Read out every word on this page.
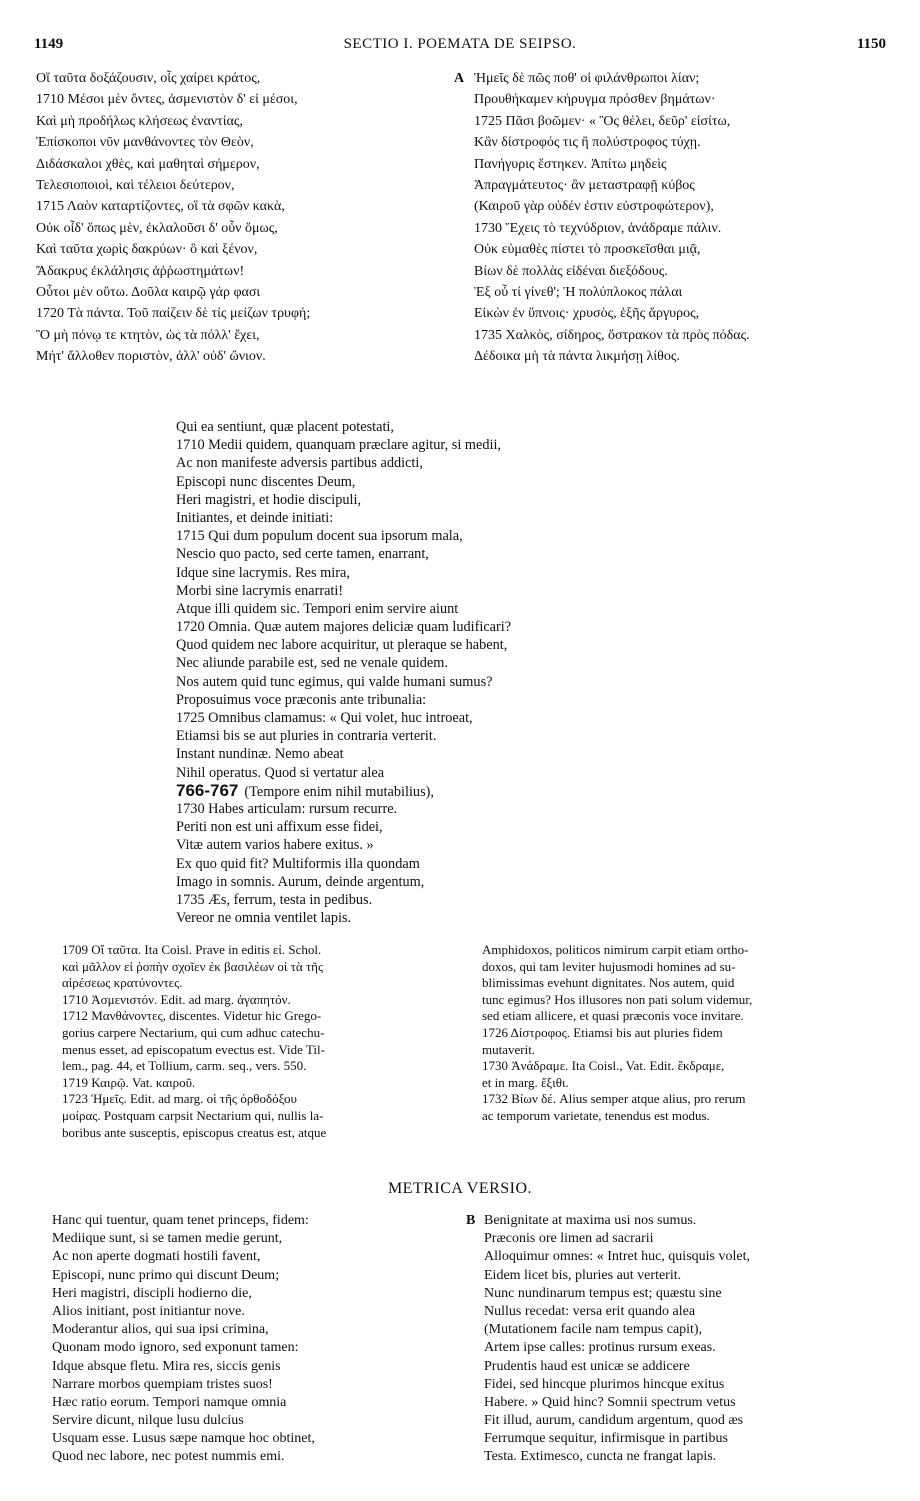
1149	SECTIO I. POEMATA DE SEIPSO.	1150
Οἵ ταῦτα δοξάζουσιν, οἷς χαίρει κράτος,
1710 Μέσοι μὲν ὄντες, ἀσμενιστὸν δ' εἰ μέσοι,
Καὶ μὴ προδήλως κλήσεως ἐναντίας,
Ἐπίσκοποι νῦν μανθάνοντες τὸν Θεὸν,
Διδάσκαλοι χθὲς, καὶ μαθηταὶ σήμερον,
Τελεσιοποιοὶ, καὶ τέλειοι δεύτερον,
1715 Λαὸν καταρτίζοντες, οἳ τὰ σφῶν κακὰ,
Οὐκ οἶδ' ὅπως μὲν, ἐκλαλοῦσι δ' οὖν ὅμως,
Καὶ ταῦτα χωρὶς δακρύων· ὃ καὶ ξένον,
Ἄδακρυς ἐκλάλησις ἀῤῥωστημάτων!
Οὗτοι μὲν οὕτω. Δοῦλα καιρῷ γάρ φασι
1720 Τὰ πάντα. Τοῦ παίζειν δὲ τίς μείζων τρυφή;
Ὃ μὴ πόνῳ τε κτητὸν, ὡς τὰ πόλλ' ἔχει,
Μήτ' ἄλλοθεν ποριστὸν, ἀλλ' οὐδ' ὤνιον.
A Ἡμεῖς δὲ πῶς ποθ' οἱ φιλάνθρωποι λίαν;
Προυθήκαμεν κήρυγμα πρόσθεν βημάτων·
1725 Πᾶσι βοῶμεν· « Ὃς θέλει, δεῦρ' εἰσίτω,
Κἂν δίστροφός τις ἢ πολύστροφος τύχῃ.
Πανήγυρις ἕστηκεν. Ἀπίτω μηδεὶς
Ἀπραγμάτευτος· ἂν μεταστραφῇ κύβος
(Καιροῦ γὰρ οὐδέν ἐστιν εὐστροφώτερον),
1730 Ἔχεις τὸ τεχνύδριον, ἀνάδραμε πάλιν.
Οὐκ εὐμαθὲς πίστει τὸ προσκεῖσθαι μιᾷ,
Βίων δὲ πολλὰς εἰδέναι διεξόδους.
Ἐξ οὗ τί γίνεθ'; Ἡ πολύπλοκος πάλαι
Εἰκὼν ἐν ὕπνοις· χρυσὸς, ἑξῆς ἄργυρος,
1735 Χαλκὸς, σίδηρος, ὄστρακον τὰ πρὸς πόδας.
Δέδοικα μὴ τὰ πάντα λικμήσῃ λίθος.
Qui ea sentiunt, quæ placent potestati,
1710 Medii quidem, quanquam præclare agitur, si medii,
Ac non manifeste adversis partibus addicti,
Episcopi nunc discentes Deum,
Heri magistri, et hodie discipuli,
Initiantes, et deinde initiati:
1715 Qui dum populum docent sua ipsorum mala,
Nescio quo pacto, sed certe tamen, enarrant,
Idque sine lacrymis. Res mira,
Morbi sine lacrymis enarrati!
Atque illi quidem sic. Tempori enim servire aiunt
1720 Omnia. Quæ autem majores deliciæ quam ludificari?
Quod quidem nec labore acquiritur, ut pleraque se habent,
Nec aliunde parabile est, sed ne venale quidem.
Nos autem quid tunc egimus, qui valde humani sumus?
Proposuimus voce præconis ante tribunalia:
1725 Omnibus clamamus: « Qui volet, huc introeat,
Etiamsi bis se aut pluries in contraria verterit.
Instant nundinæ. Nemo abeat
Nihil operatus. Quod si vertatur alea
766-767 (Tempore enim nihil mutabilius),
1730 Habes articulam: rursum recurre.
Periti non est uni affixum esse fidei,
Vitæ autem varios habere exitus. »
Ex quo quid fit? Multiformis illa quondam
Imago in somnis. Aurum, deinde argentum,
1735 Æs, ferrum, testa in pedibus.
Vereor ne omnia ventilet lapis.
1709 Οἵ ταῦτα. Ita Coisl. Prave in editis εἰ. Schol.
καὶ μᾶλλον εἰ ῥοπὴν σχοῖεν ἐκ βασιλέων οἱ τὰ τῆς
αἱρέσεως κρατύνοντες.
1710 Ἀσμενιστόν. Edit. ad marg. ἀγαπητόν.
1712 Μανθάνοντες, discentes. Videtur hic Grego-
gorius carpere Nectarium, qui cum adhuc catechu-
menus esset, ad episcopatum evectus est. Vide Til-
lem., pag. 44, et Tollium, carm. seq., vers. 550.
1719 Καιρῷ. Vat. καιροῦ.
1723 Ἡμεῖς. Edit. ad marg. οἱ τῆς ὀρθοδόξου
μοίρας. Postquam carpsit Nectarium qui, nullis la-
boribus ante susceptis, episcopus creatus est, atque
Amphidoxos, politicos nimirum carpit etiam ortho-
doxos, qui tam leviter hujusmodi homines ad su-
blimissimas evehunt dignitates. Nos autem, quid
tunc egimus? Hos illusores non pati solum videmur,
sed etiam allicere, et quasi præconis voce invitare.
1726 Δίστροφος. Etiamsi bis aut pluries fidem
mutaverit.
1730 Ἀνάδραμε. Ita Coisl., Vat. Edit. ἔκδραμε,
et in marg. ἔξιθι.
1732 Βίων δέ. Alius semper atque alius, pro rerum
ac temporum varietate, tenendus est modus.
METRICA VERSIO.
Hanc qui tuentur, quam tenet princeps, fidem:
Mediique sunt, si se tamen medie gerunt,
Ac non aperte dogmati hostili favent,
Episcopi, nunc primo qui discunt Deum;
Heri magistri, discipli hodierno die,
Alios initiant, post initiantur nove.
Moderantur alios, qui sua ipsi crimina,
Quonam modo ignoro, sed exponunt tamen:
Idque absque fletu. Mira res, siccis genis
Narrare morbos quempiam tristes suos!
Hæc ratio eorum. Tempori namque omnia
Servire dicunt, nilque lusu dulcius
Usquam esse. Lusus sæpe namque hoc obtinet,
Quod nec labore, nec potest nummis emi.
B Benignitate at maxima usi nos sumus.
Præconis ore limen ad sacrarii
Alloquimur omnes: « Intret huc, quisquis volet,
Eidem licet bis, pluries aut verterit.
Nunc nundinarum tempus est; quæstu sine
Nullus recedat: versa erit quando alea
(Mutationem facile nam tempus capit),
Artem ipse calles: protinus rursum exeas.
Prudentis haud est unicæ se addicere
Fidei, sed hincque plurimos hincque exitus
Habere. » Quid hinc? Somnii spectrum vetus
Fit illud, aurum, candidum argentum, quod æs
Ferrumque sequitur, infirmisque in partibus
Testa. Extimesco, cuncta ne frangat lapis.
